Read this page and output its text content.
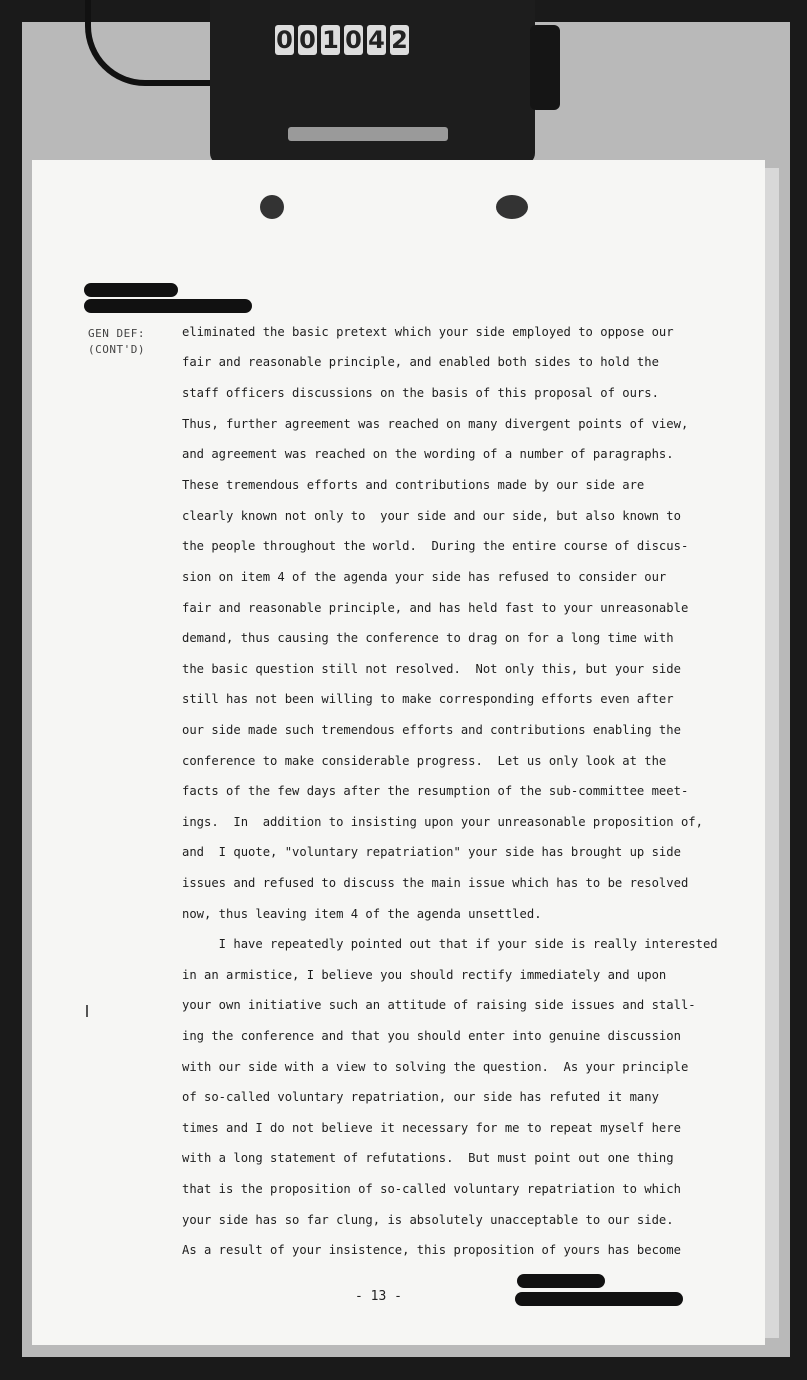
0 0 1 0 4 2
GEN DEF:
(CONT'D)
eliminated the basic pretext which your side employed to oppose our
fair and reasonable principle, and enabled both sides to hold the
staff officers discussions on the basis of this proposal of ours.
Thus, further agreement was reached on many divergent points of view,
and agreement was reached on the wording of a number of paragraphs.
These tremendous efforts and contributions made by our side are
clearly known not only to  your side and our side, but also known to
the people throughout the world.  During the entire course of discus-
sion on item 4 of the agenda your side has refused to consider our
fair and reasonable principle, and has held fast to your unreasonable
demand, thus causing the conference to drag on for a long time with
the basic question still not resolved.  Not only this, but your side
still has not been willing to make corresponding efforts even after
our side made such tremendous efforts and contributions enabling the
conference to make considerable progress.  Let us only look at the
facts of the few days after the resumption of the sub-committee meet-
ings.  In  addition to insisting upon your unreasonable proposition of,
and  I quote, "voluntary repatriation" your side has brought up side
issues and refused to discuss the main issue which has to be resolved
now, thus leaving item 4 of the agenda unsettled.
I have repeatedly pointed out that if your side is really interested
in an armistice, I believe you should rectify immediately and upon
your own initiative such an attitude of raising side issues and stall-
ing the conference and that you should enter into genuine discussion
with our side with a view to solving the question.  As your principle
of so-called voluntary repatriation, our side has refuted it many
times and I do not believe it necessary for me to repeat myself here
with a long statement of refutations.  But must point out one thing
that is the proposition of so-called voluntary repatriation to which
your side has so far clung, is absolutely unacceptable to our side.
As a result of your insistence, this proposition of yours has become
- 13 -
